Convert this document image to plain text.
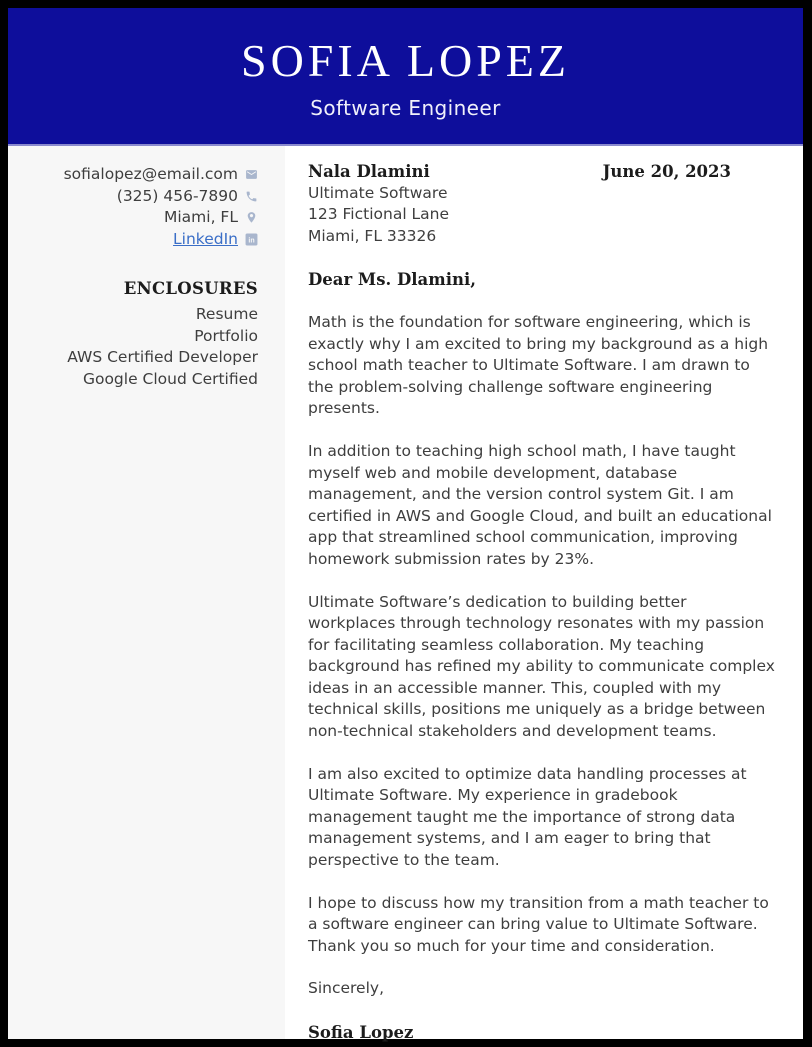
SOFIA LOPEZ
Software Engineer
sofialopez@email.com
(325) 456-7890
Miami, FL
LinkedIn in
ENCLOSURES
Resume
Portfolio
AWS Certified Developer
Google Cloud Certified
Nala Dlamini
Ultimate Software
123 Fictional Lane
Miami, FL 33326
June 20, 2023
Dear Ms. Dlamini,

Math is the foundation for software engineering, which is exactly why I am excited to bring my background as a high school math teacher to Ultimate Software. I am drawn to the problem-solving challenge software engineering presents.

In addition to teaching high school math, I have taught myself web and mobile development, database management, and the version control system Git. I am certified in AWS and Google Cloud, and built an educational app that streamlined school communication, improving homework submission rates by 23%.

Ultimate Software’s dedication to building better workplaces through technology resonates with my passion for facilitating seamless collaboration. My teaching background has refined my ability to communicate complex ideas in an accessible manner. This, coupled with my technical skills, positions me uniquely as a bridge between non-technical stakeholders and development teams.

I am also excited to optimize data handling processes at Ultimate Software. My experience in gradebook management taught me the importance of strong data management systems, and I am eager to bring that perspective to the team.

I hope to discuss how my transition from a math teacher to a software engineer can bring value to Ultimate Software. Thank you so much for your time and consideration.

Sincerely,

Sofia Lopez
